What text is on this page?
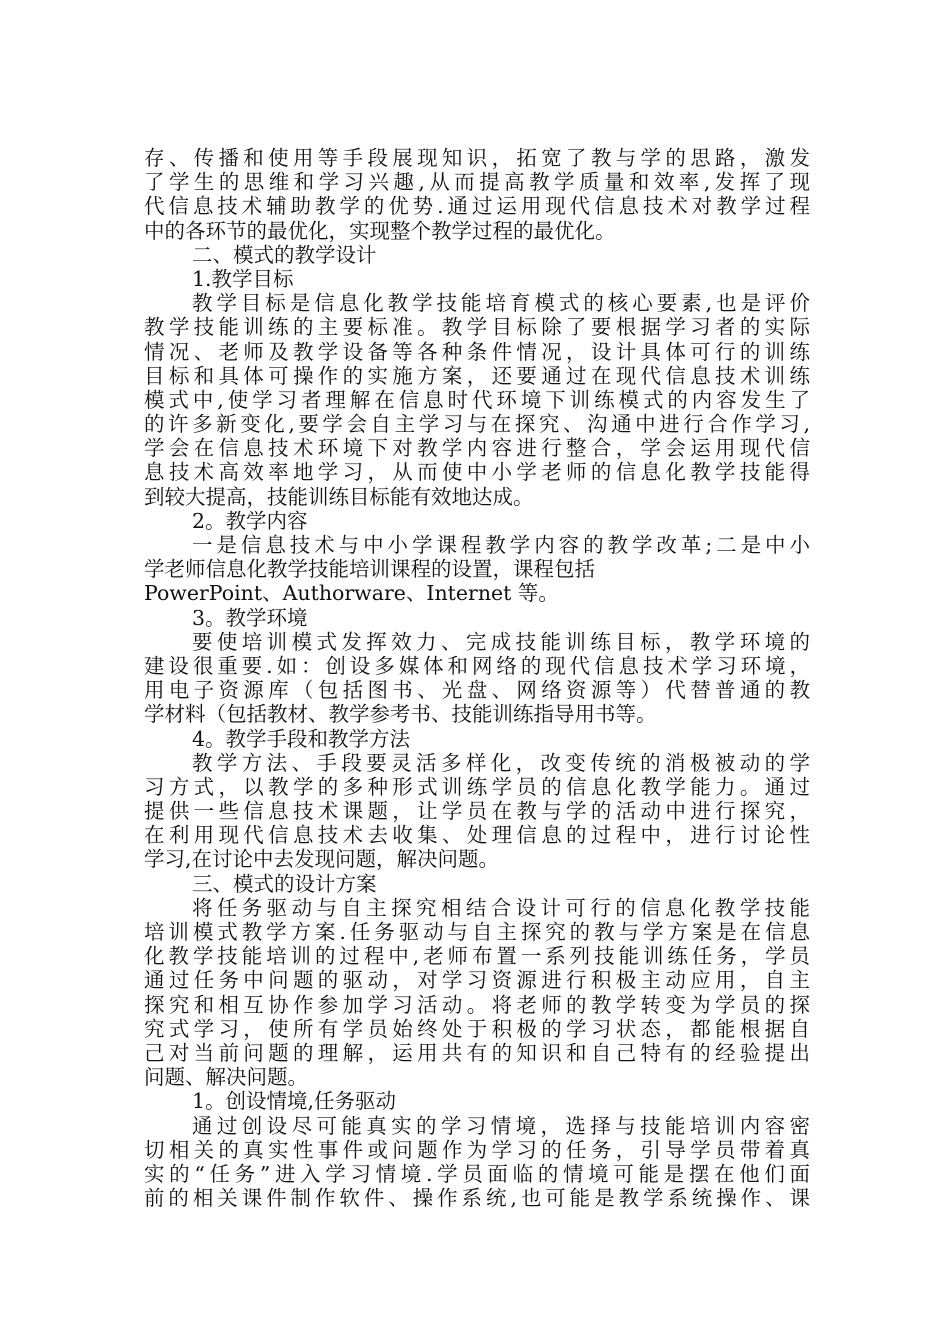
存、传播和使用等手段展现知识，拓宽了教与学的思路，激发
了学生的思维和学习兴趣,从而提高教学质量和效率,发挥了现
代信息技术辅助教学的优势.通过运用现代信息技术对教学过程
中的各环节的最优化，实现整个教学过程的最优化。
二、模式的教学设计
1.教学目标
教学目标是信息化教学技能培育模式的核心要素,也是评价
教学技能训练的主要标准。教学目标除了要根据学习者的实际
情况、老师及教学设备等各种条件情况，设计具体可行的训练
目标和具体可操作的实施方案，还要通过在现代信息技术训练
模式中,使学习者理解在信息时代环境下训练模式的内容发生了
的许多新变化,要学会自主学习与在探究、沟通中进行合作学习,
学会在信息技术环境下对教学内容进行整合，学会运用现代信
息技术高效率地学习，从而使中小学老师的信息化教学技能得
到较大提高，技能训练目标能有效地达成。
2。教学内容
一是信息技术与中小学课程教学内容的教学改革;二是中小
学老师信息化教学技能培训课程的设置，课程包括
PowerPoint、Authorware、Internet 等。
3。教学环境
要使培训模式发挥效力、完成技能训练目标，教学环境的
建设很重要.如：创设多媒体和网络的现代信息技术学习环境，
用电子资源库（包括图书、光盘、网络资源等）代替普通的教
学材料（包括教材、教学参考书、技能训练指导用书等。
4。教学手段和教学方法
教学方法、手段要灵活多样化，改变传统的消极被动的学
习方式，以教学的多种形式训练学员的信息化教学能力。通过
提供一些信息技术课题，让学员在教与学的活动中进行探究，
在利用现代信息技术去收集、处理信息的过程中，进行讨论性
学习,在讨论中去发现问题，解决问题。
三、模式的设计方案
将任务驱动与自主探究相结合设计可行的信息化教学技能
培训模式教学方案.任务驱动与自主探究的教与学方案是在信息
化教学技能培训的过程中,老师布置一系列技能训练任务，学员
通过任务中问题的驱动，对学习资源进行积极主动应用，自主
探究和相互协作参加学习活动。将老师的教学转变为学员的探
究式学习，使所有学员始终处于积极的学习状态，都能根据自
己对当前问题的理解，运用共有的知识和自己特有的经验提出
问题、解决问题。
1。创设情境,任务驱动
通过创设尽可能真实的学习情境，选择与技能培训内容密
切相关的真实性事件或问题作为学习的任务，引导学员带着真
实的“任务”进入学习情境.学员面临的情境可能是摆在他们面
前的相关课件制作软件、操作系统,也可能是教学系统操作、课
